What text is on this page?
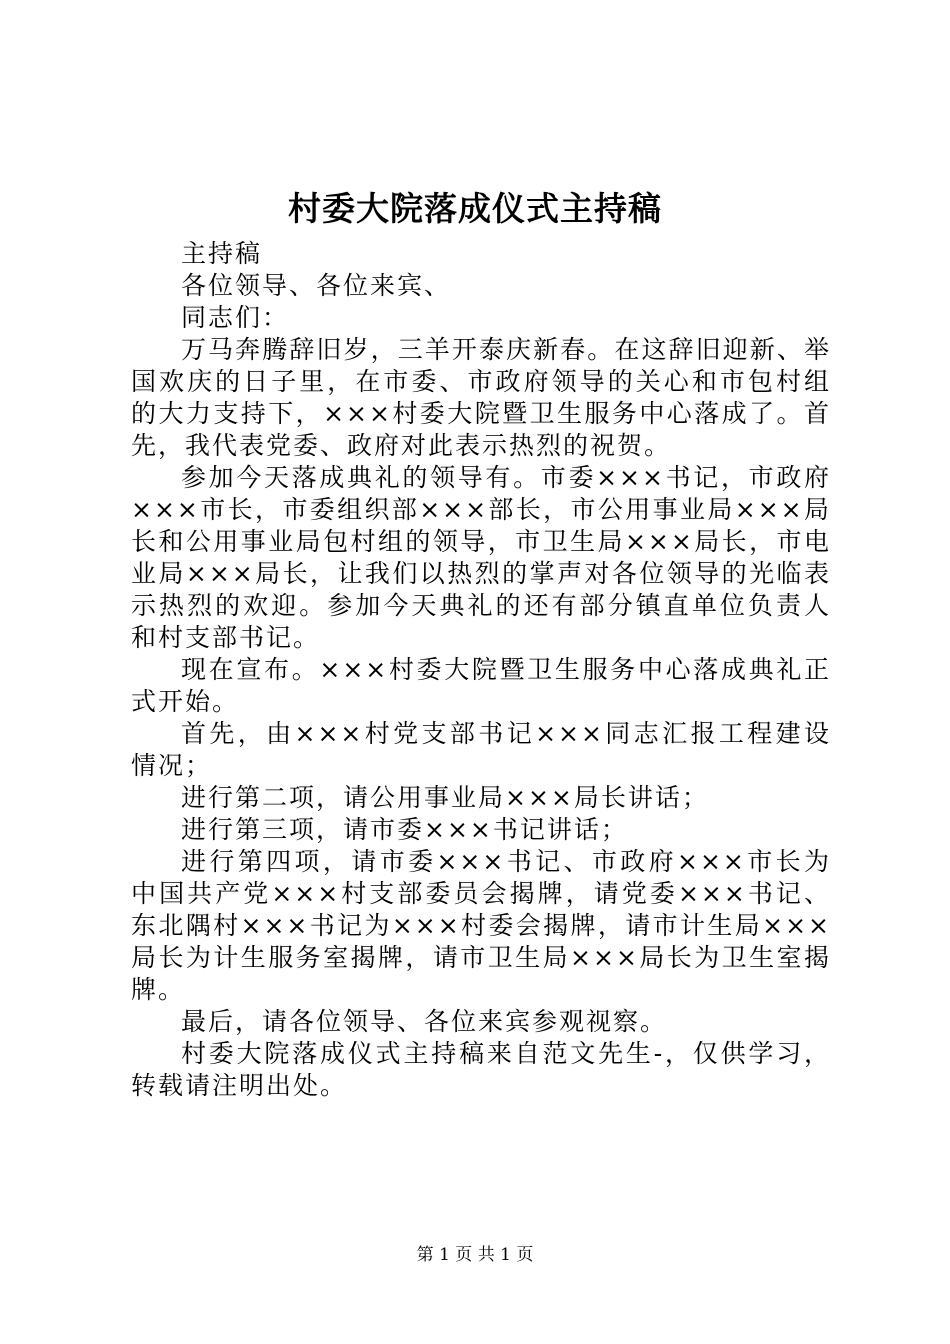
村委大院落成仪式主持稿

主持稿

各位领导、各位来宾、

同志们：

万马奔腾辞旧岁，三羊开泰庆新春。在这辞旧迎新、举国欢庆的日子里，在市委、市政府领导的关心和市包村组的大力支持下，×××村委大院暨卫生服务中心落成了。首先，我代表党委、政府对此表示热烈的祝贺。

参加今天落成典礼的领导有。市委×××书记，市政府×××市长，市委组织部×××部长，市公用事业局×××局长和公用事业局包村组的领导，市卫生局×××局长，市电业局×××局长，让我们以热烈的掌声对各位领导的光临表示热烈的欢迎。参加今天典礼的还有部分镇直单位负责人和村支部书记。

现在宣布。×××村委大院暨卫生服务中心落成典礼正式开始。

首先，由×××村党支部书记×××同志汇报工程建设情况；

进行第二项，请公用事业局×××局长讲话；

进行第三项，请市委×××书记讲话；

进行第四项，请市委×××书记、市政府×××市长为中国共产党×××村支部委员会揭牌，请党委×××书记、东北隅村×××书记为×××村委会揭牌，请市计生局×××局长为计生服务室揭牌，请市卫生局×××局长为卫生室揭牌。

最后，请各位领导、各位来宾参观视察。

村委大院落成仪式主持稿来自范文先生-，仅供学习，转载请注明出处。

第 1 页 共 1 页
